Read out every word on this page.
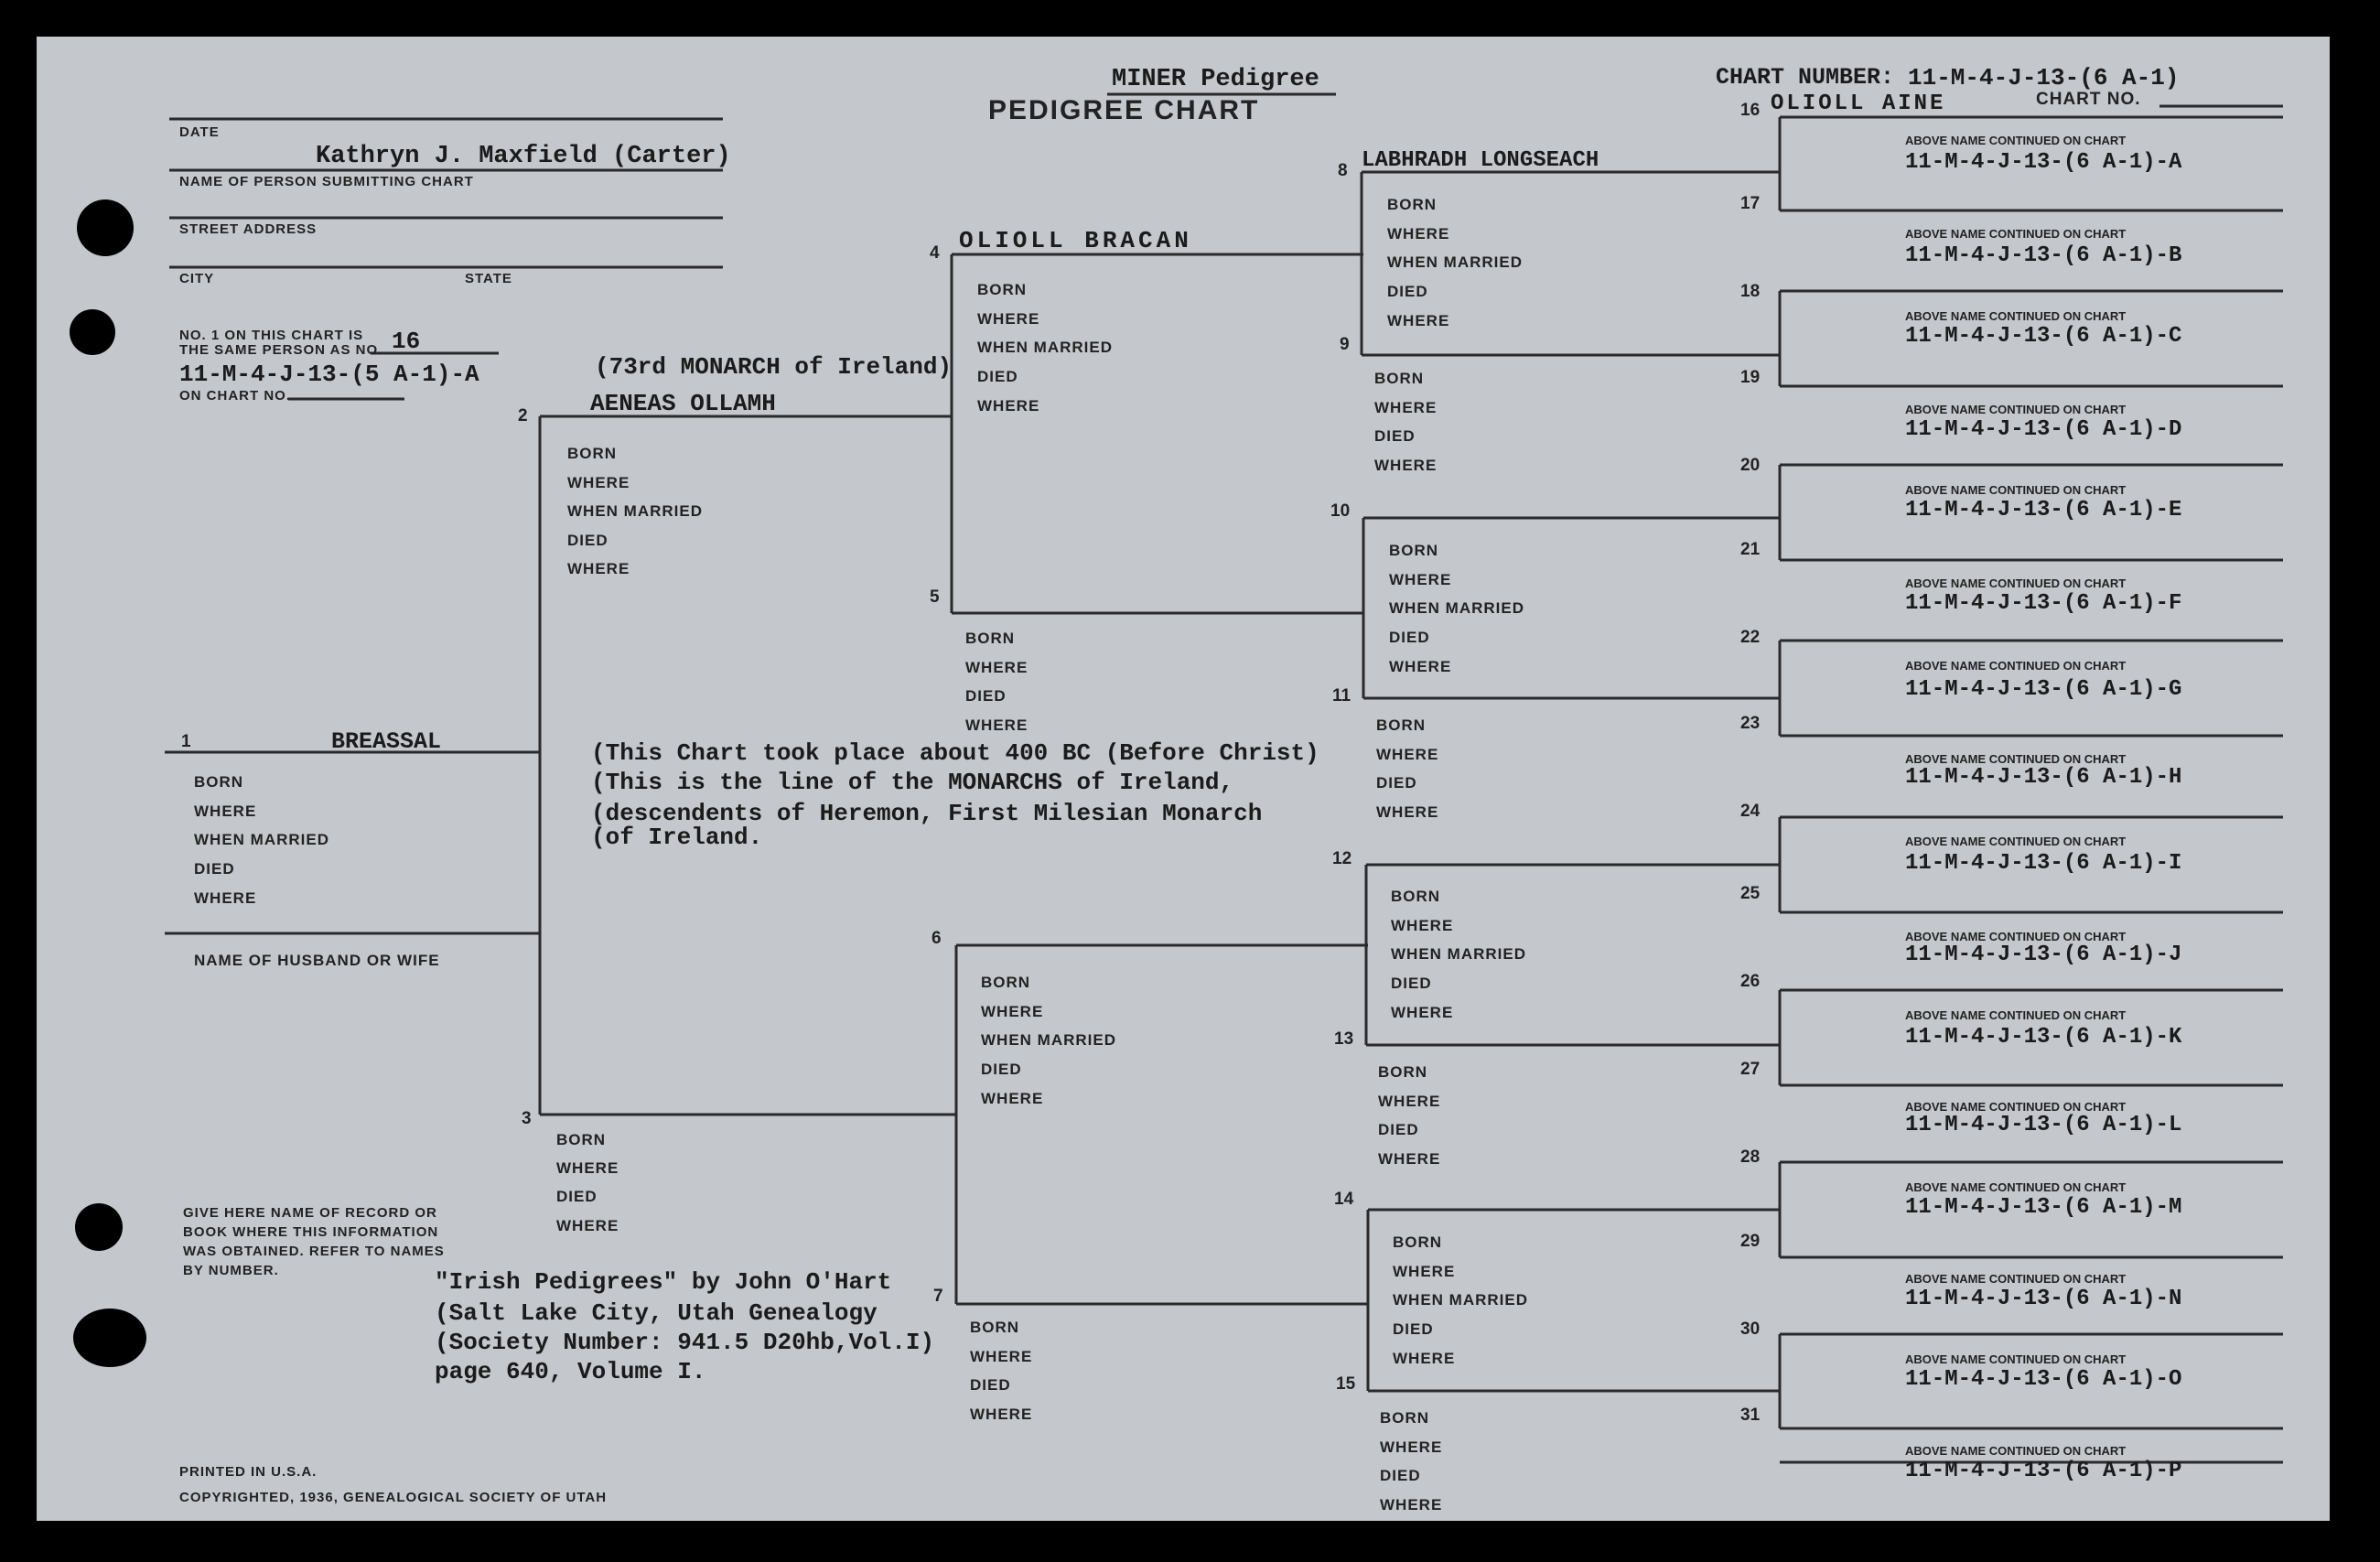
MINER Pedigree
PEDIGREE CHART
CHART NUMBER: 11-M-4-J-13-(6 A-1)
CHART NO.
DATE
Kathryn J. Maxfield (Carter)
NAME OF PERSON SUBMITTING CHART
STREET ADDRESS
CITY	STATE
NO. 1 ON THIS CHART IS
THE SAME PERSON AS NO. 16
11-M-4-J-13-(5 A-1)-A
ON CHART NO.
1	BREASSAL
BORN
WHERE
WHEN MARRIED
DIED
WHERE
NAME OF HUSBAND OR WIFE
2
(73rd MONARCH of Ireland)
AENEAS OLLAMH
BORN
WHERE
WHEN MARRIED
DIED
WHERE
3
BORN
WHERE
DIED
WHERE
4 OLIOLL BRACAN
BORN
WHERE
WHEN MARRIED
DIED
WHERE
5
BORN
WHERE
DIED
WHERE
6
BORN
WHERE
WHEN MARRIED
DIED
WHERE
7
BORN
WHERE
DIED
WHERE
8 LABHRADH LONGSEACH
BORN
WHERE
WHEN MARRIED
DIED
WHERE
9
BORN
WHERE
DIED
WHERE
10
BORN
WHERE
WHEN MARRIED
DIED
WHERE
11
BORN
WHERE
DIED
WHERE
12
BORN
WHERE
WHEN MARRIED
DIED
WHERE
13
BORN
WHERE
DIED
WHERE
14
BORN
WHERE
WHEN MARRIED
DIED
WHERE
15
BORN
WHERE
DIED
WHERE
16 OLIOLL AINE
17
18
19
20
21
22
23
24
25
26
27
28
29
30
31
ABOVE NAME CONTINUED ON CHART
11-M-4-J-13-(6 A-1)-A
ABOVE NAME CONTINUED ON CHART
11-M-4-J-13-(6 A-1)-B
ABOVE NAME CONTINUED ON CHART
11-M-4-J-13-(6 A-1)-C
ABOVE NAME CONTINUED ON CHART
11-M-4-J-13-(6 A-1)-D
ABOVE NAME CONTINUED ON CHART
11-M-4-J-13-(6 A-1)-E
ABOVE NAME CONTINUED ON CHART
11-M-4-J-13-(6 A-1)-F
ABOVE NAME CONTINUED ON CHART
11-M-4-J-13-(6 A-1)-G
ABOVE NAME CONTINUED ON CHART
11-M-4-J-13-(6 A-1)-H
ABOVE NAME CONTINUED ON CHART
11-M-4-J-13-(6 A-1)-I
ABOVE NAME CONTINUED ON CHART
11-M-4-J-13-(6 A-1)-J
ABOVE NAME CONTINUED ON CHART
11-M-4-J-13-(6 A-1)-K
ABOVE NAME CONTINUED ON CHART
11-M-4-J-13-(6 A-1)-L
ABOVE NAME CONTINUED ON CHART
11-M-4-J-13-(6 A-1)-M
ABOVE NAME CONTINUED ON CHART
11-M-4-J-13-(6 A-1)-N
ABOVE NAME CONTINUED ON CHART
11-M-4-J-13-(6 A-1)-O
ABOVE NAME CONTINUED ON CHART
11-M-4-J-13-(6 A-1)-P
(This Chart took place about 400 BC (Before Christ)
(This is the line of the MONARCHS of Ireland,
(descendents of Heremon, First Milesian Monarch
(of Ireland.
GIVE HERE NAME OF RECORD OR
BOOK WHERE THIS INFORMATION
WAS OBTAINED. REFER TO NAMES
BY NUMBER.	"Irish Pedigrees" by John O'Hart
(Salt Lake City, Utah Genealogy
(Society Number: 941.5 D20hb,Vol.I)
page 640, Volume I.
PRINTED IN U.S.A.
COPYRIGHTED, 1936, GENEALOGICAL SOCIETY OF UTAH
